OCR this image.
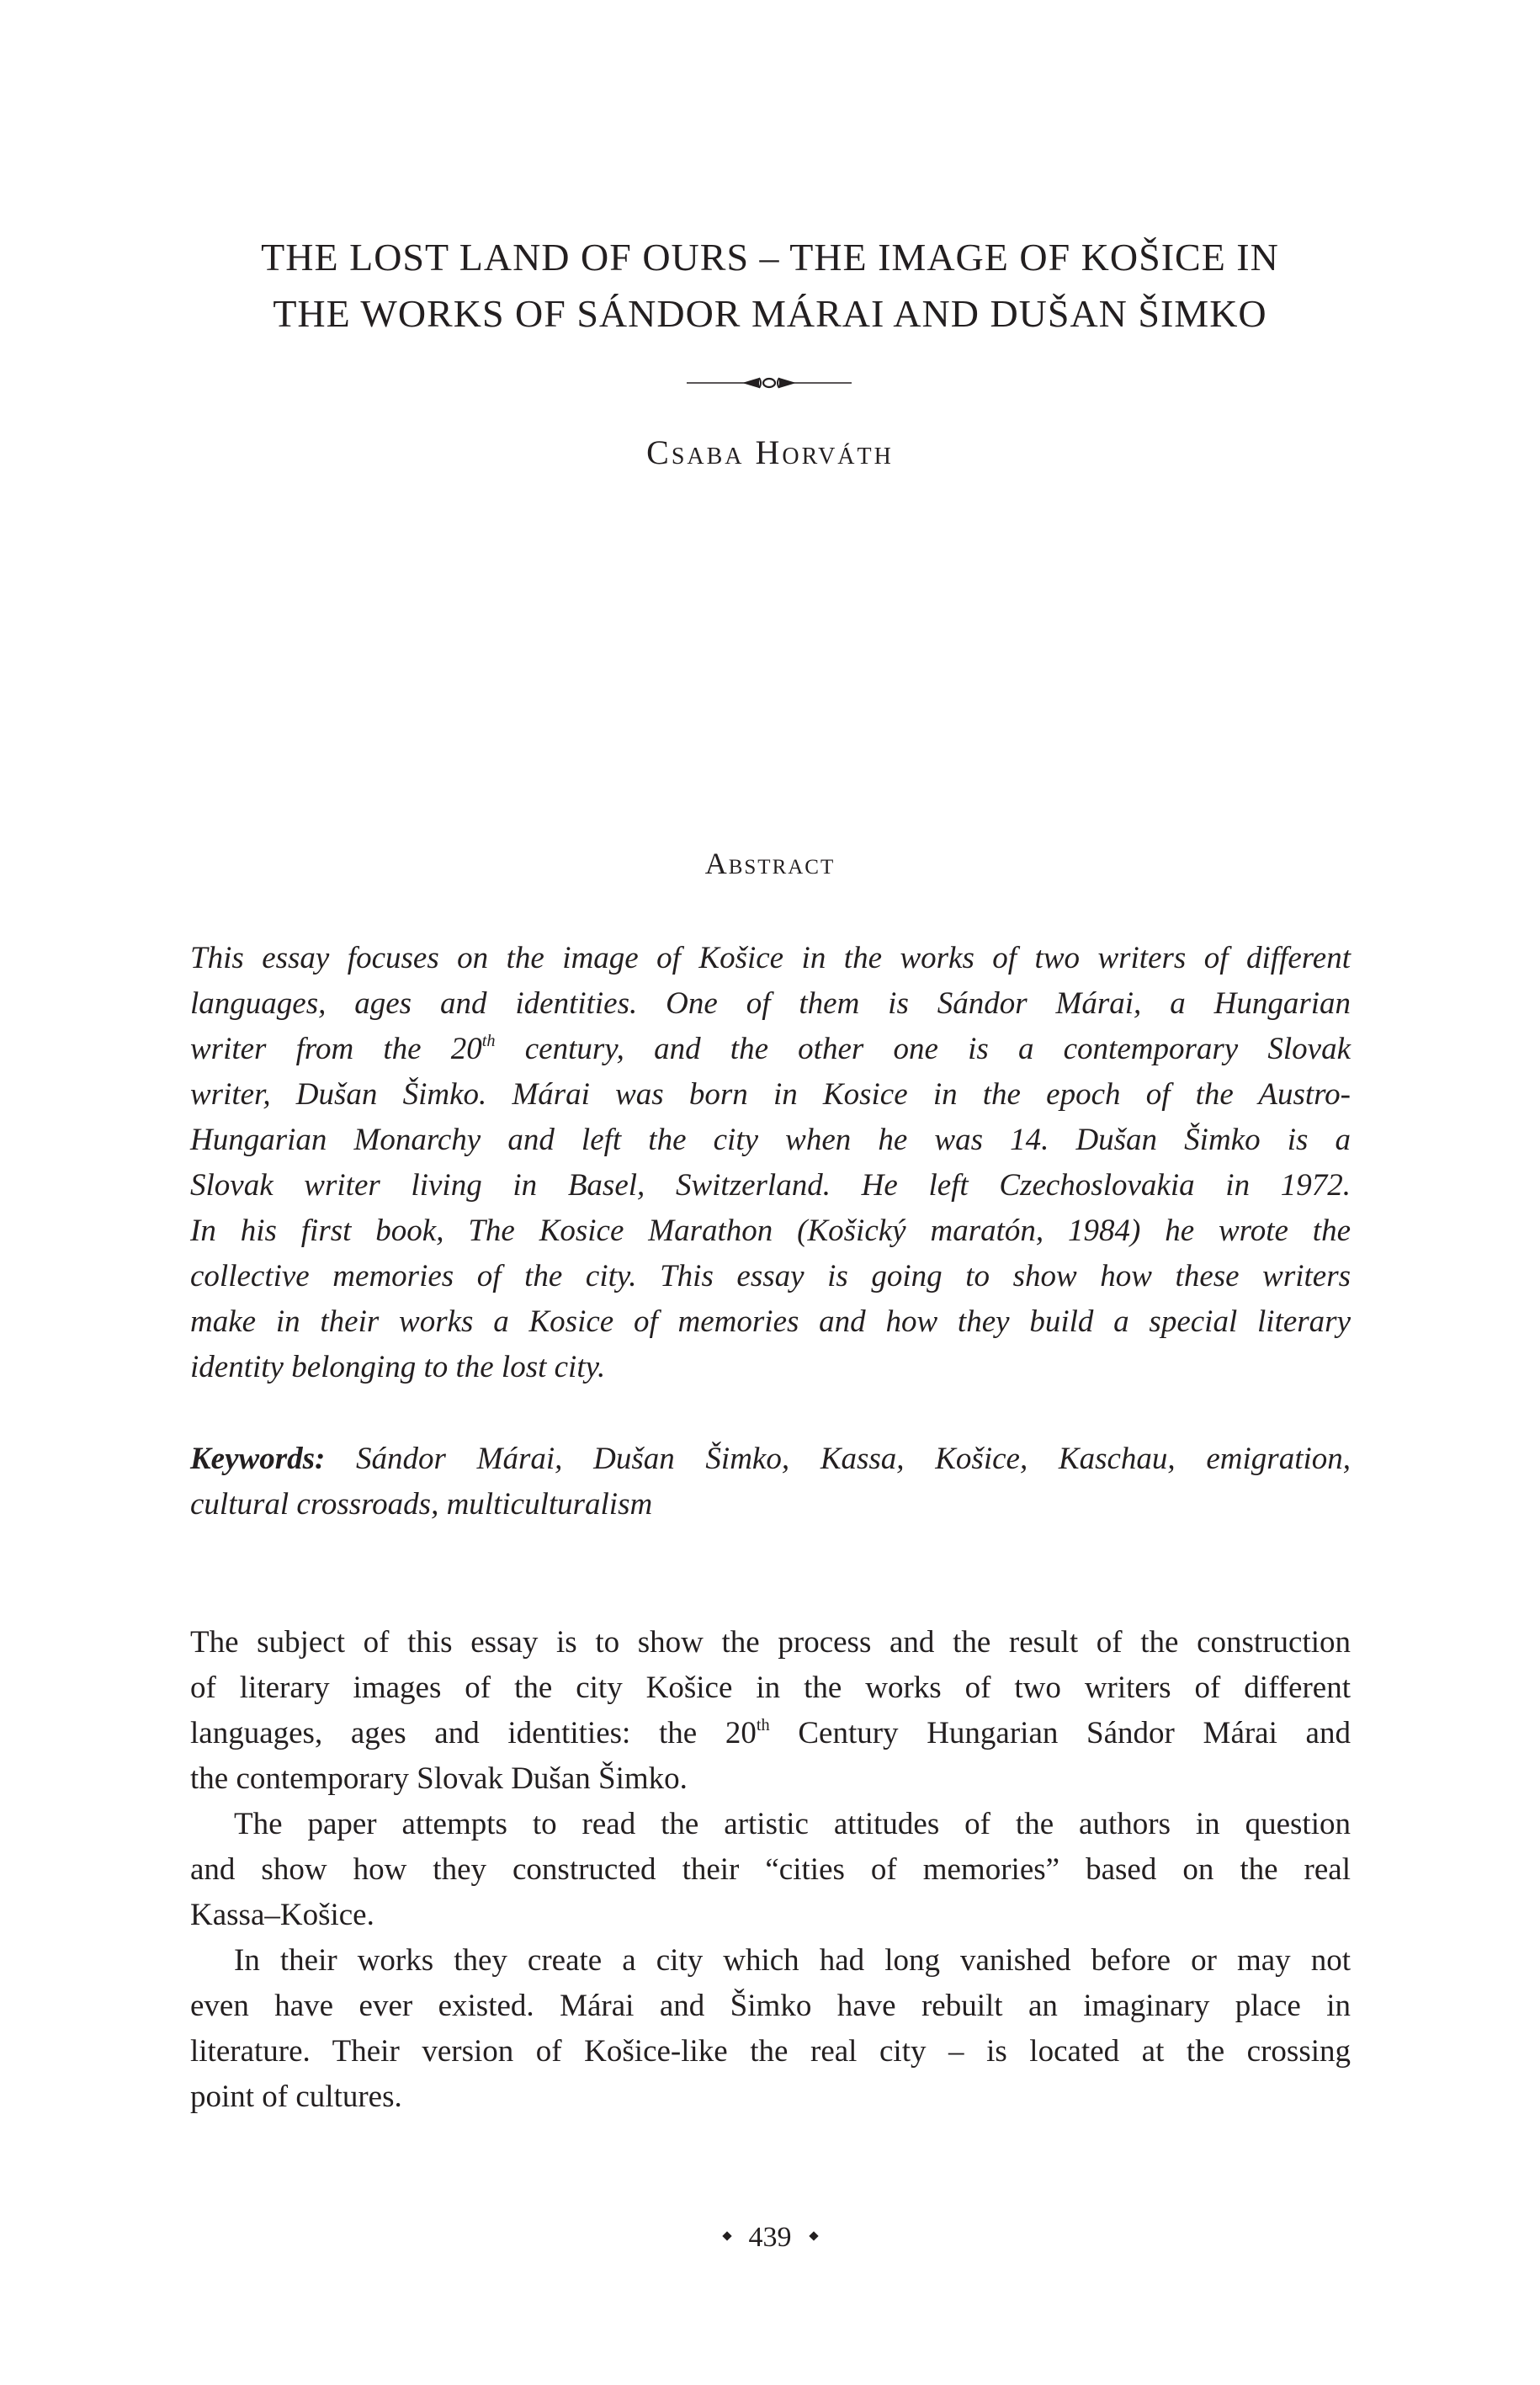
THE LOST LAND OF OURS – THE IMAGE OF KOŠICE IN
THE WORKS OF SÁNDOR MÁRAI AND DUŠAN ŠIMKO
Csaba Horváth
Abstract
This essay focuses on the image of Košice in the works of two writers of different
languages, ages and identities. One of them is Sándor Márai, a Hungarian
writer from the 20th century, and the other one is a contemporary Slovak
writer, Dušan Šimko. Márai was born in Kosice in the epoch of the Austro-
Hungarian Monarchy and left the city when he was 14. Dušan Šimko is a
Slovak writer living in Basel, Switzerland. He left Czechoslovakia in 1972.
In his first book, The Kosice Marathon (Košický maratón, 1984) he wrote the
collective memories of the city. This essay is going to show how these writers
make in their works a Kosice of memories and how they build a special literary
identity belonging to the lost city.
Keywords: Sándor Márai, Dušan Šimko, Kassa, Košice, Kaschau, emigration,
cultural crossroads, multiculturalism
The subject of this essay is to show the process and the result of the construction
of literary images of the city Košice in the works of two writers of different
languages, ages and identities: the 20th Century Hungarian Sándor Márai and
the contemporary Slovak Dušan Šimko.
The paper attempts to read the artistic attitudes of the authors in question
and show how they constructed their “cities of memories” based on the real
Kassa–Košice.
In their works they create a city which had long vanished before or may not
even have ever existed. Márai and Šimko have rebuilt an imaginary place in
literature. Their version of Košice-like the real city – is located at the crossing
point of cultures.
439
